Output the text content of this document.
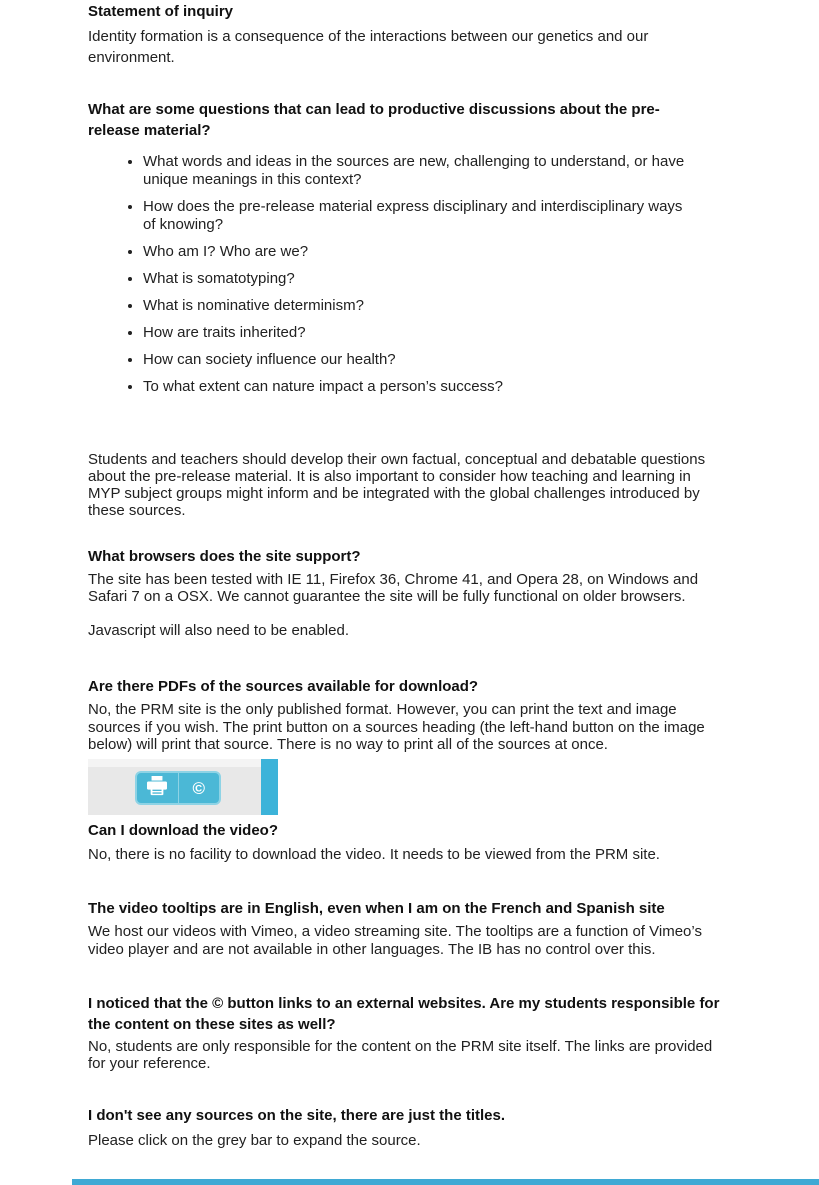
Statement of inquiry

Identity formation is a consequence of the interactions between our genetics and our environment.

What are some questions that can lead to productive discussions about the pre-release material?
• What words and ideas in the sources are new, challenging to understand, or have unique meanings in this context?
• How does the pre-release material express disciplinary and interdisciplinary ways of knowing?
• Who am I? Who are we?
• What is somatotyping?
• What is nominative determinism?
• How are traits inherited?
• How can society influence our health?
• To what extent can nature impact a person’s success?

Students and teachers should develop their own factual, conceptual and debatable questions about the pre-release material. It is also important to consider how teaching and learning in MYP subject groups might inform and be integrated with the global challenges introduced by these sources.

What browsers does the site support?

The site has been tested with IE 11, Firefox 36, Chrome 41, and Opera 28, on Windows and Safari 7 on a OSX. We cannot guarantee the site will be fully functional on older browsers.

Javascript will also need to be enabled.

Are there PDFs of the sources available for download?

No, the PRM site is the only published format. However, you can print the text and image sources if you wish. The print button on a sources heading (the left-hand button on the image below) will print that source. There is no way to print all of the sources at once.

©
Can I download the video?

No, there is no facility to download the video. It needs to be viewed from the PRM site.

The video tooltips are in English, even when I am on the French and Spanish site

We host our videos with Vimeo, a video streaming site. The tooltips are a function of Vimeo’s video player and are not available in other languages. The IB has no control over this.

I noticed that the © button links to an external websites. Are my students responsible for the content on these sites as well?

No, students are only responsible for the content on the PRM site itself. The links are provided for your reference.

I don't see any sources on the site, there are just the titles.

Please click on the grey bar to expand the source.
